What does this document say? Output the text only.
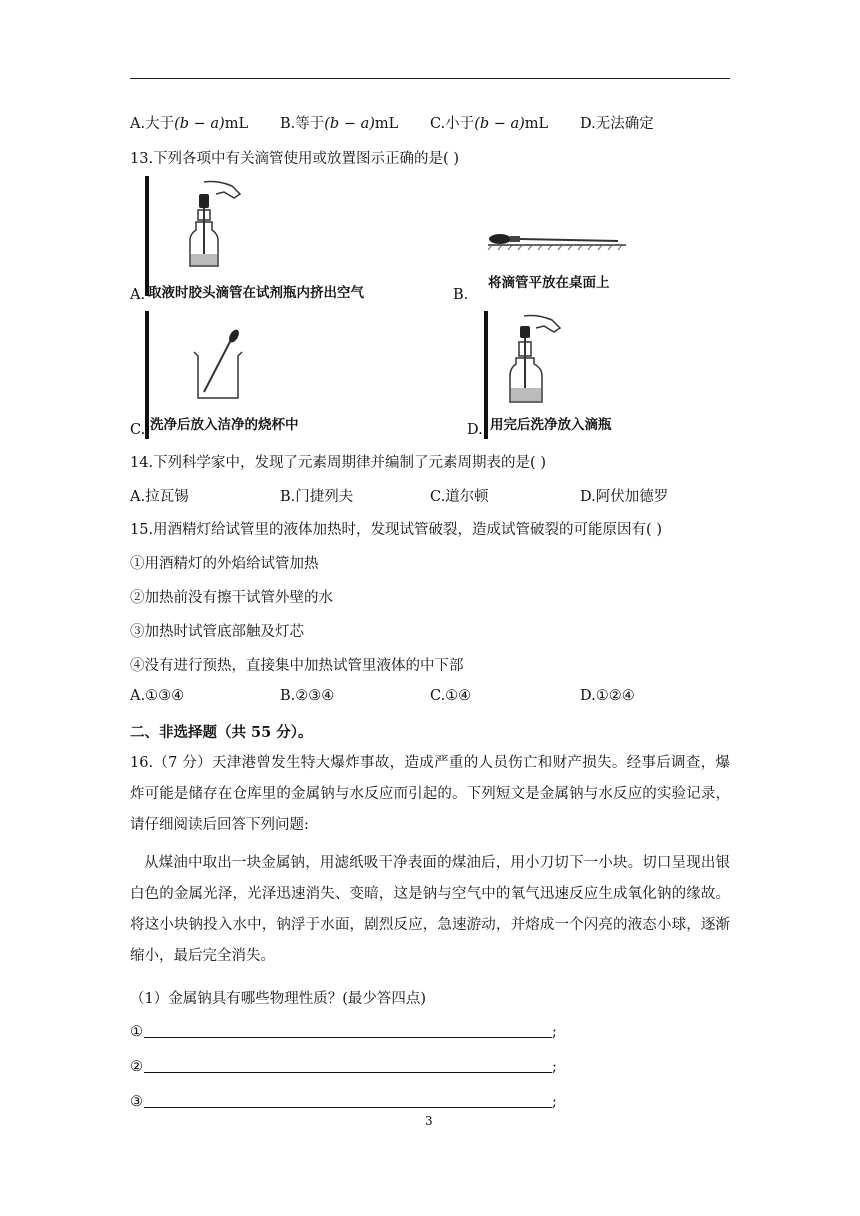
A.大于(b − a)mL B.等于(b − a)mL C.小于(b − a)mL D.无法确定
13.下列各项中有关滴管使用或放置图示正确的是( )
A. 取液时胶头滴管在试剂瓶内挤出空气
将滴管平放在桌面上
B.
洗净后放入洁净的烧杯中
C.	用完后洗净放入滴瓶
D.
14.下列科学家中，发现了元素周期律并编制了元素周期表的是( )
A.拉瓦锡	B.门捷列夫	C.道尔顿	D.阿伏加德罗
15.用酒精灯给试管里的液体加热时，发现试管破裂，造成试管破裂的可能原因有( )
①用酒精灯的外焰给试管加热
②加热前没有擦干试管外壁的水
③加热时试管底部触及灯芯
④没有进行预热，直接集中加热试管里液体的中下部
A.①③④	B.②③④	C.①④	D.①②④
二、非选择题（共 55 分）。
16.（7 分）天津港曾发生特大爆炸事故，造成严重的人员伤亡和财产损失。经事后调查，爆炸可能是储存在仓库里的金属钠与水反应而引起的。下列短文是金属钠与水反应的实验记录，请仔细阅读后回答下列问题:
从煤油中取出一块金属钠，用滤纸吸干净表面的煤油后，用小刀切下一小块。切口呈现出银白色的金属光泽，光泽迅速消失、变暗，这是钠与空气中的氧气迅速反应生成氧化钠的缘故。将这小块钠投入水中，钠浮于水面，剧烈反应，急速游动，并熔成一个闪亮的液态小球，逐渐缩小，最后完全消失。
（1）金属钠具有哪些物理性质？(最少答四点)
①	;
②	;
③	;
3
